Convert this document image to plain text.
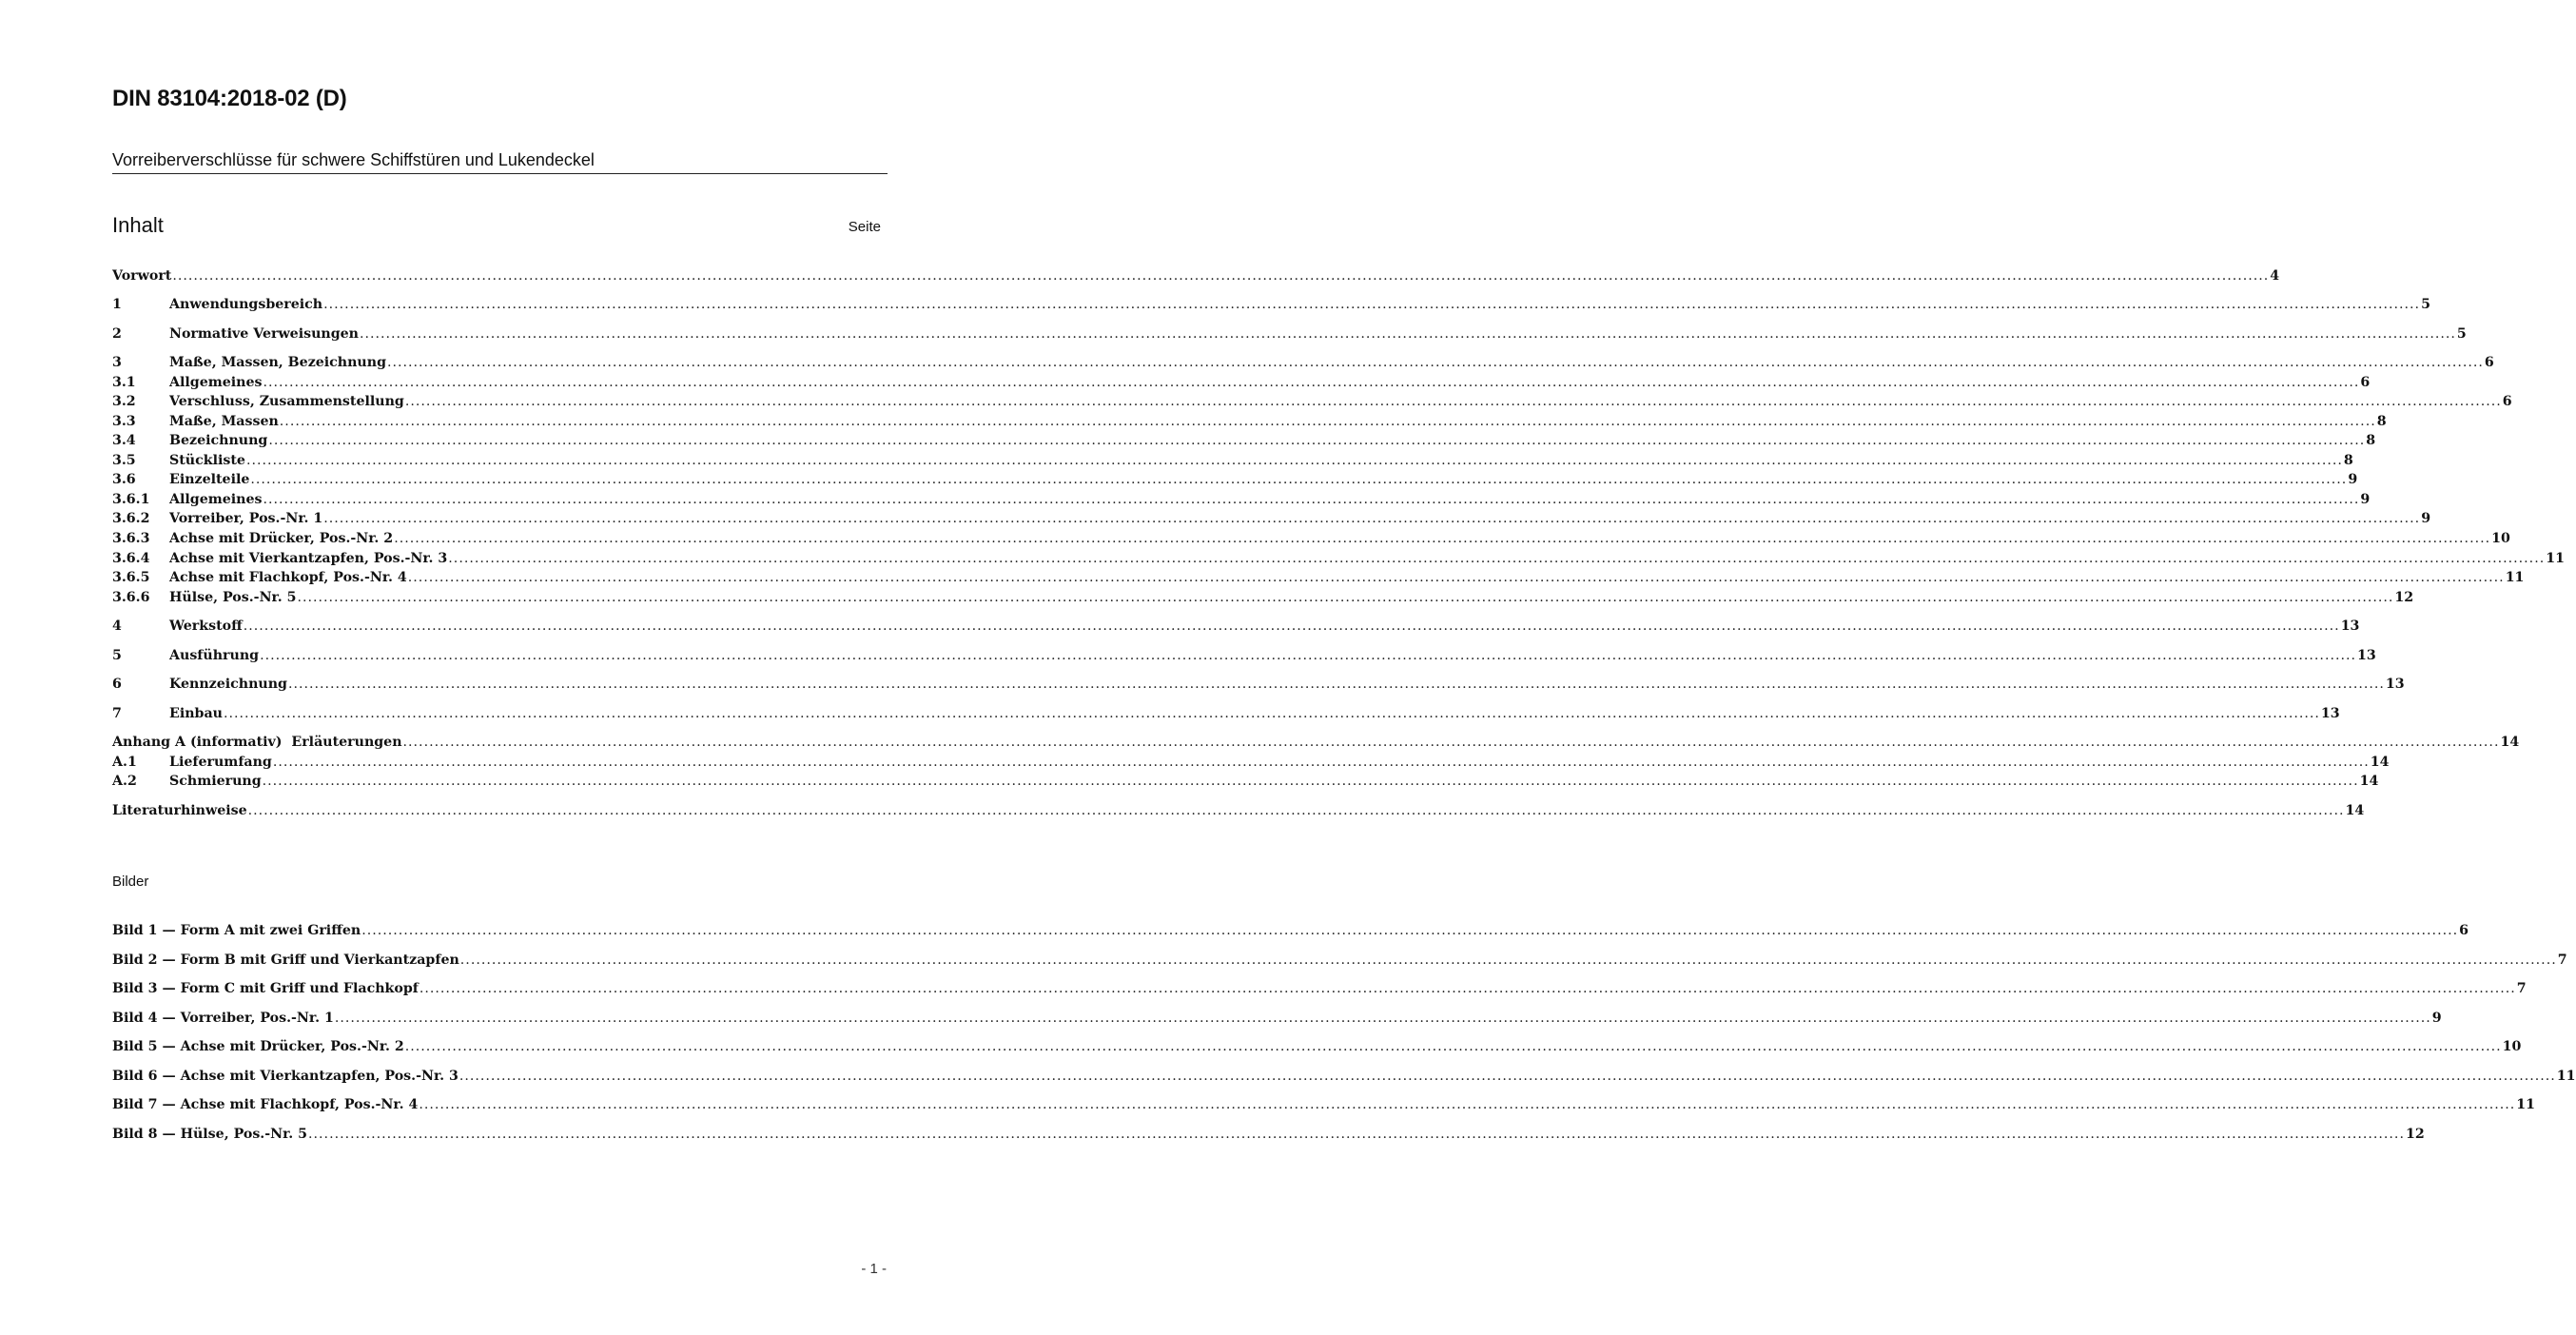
DIN 83104:2018-02 (D)
Vorreiberverschlüsse für schwere Schiffstüren und Lukendeckel
Inhalt	Seite
Vorwort ................................................................................................................................................................................................................................................................................................................................................................................................................ 4
1	Anwendungsbereich ................................................................................................................................................................................................................................................................................................................................................................................................................ 5
2	Normative Verweisungen ................................................................................................................................................................................................................................................................................................................................................................................................................ 5
3	Maße, Massen, Bezeichnung ................................................................................................................................................................................................................................................................................................................................................................................................................ 6
3.1	Allgemeines ................................................................................................................................................................................................................................................................................................................................................................................................................ 6
3.2	Verschluss, Zusammenstellung ................................................................................................................................................................................................................................................................................................................................................................................................................ 6
3.3	Maße, Massen ................................................................................................................................................................................................................................................................................................................................................................................................................ 8
3.4	Bezeichnung ................................................................................................................................................................................................................................................................................................................................................................................................................ 8
3.5	Stückliste ................................................................................................................................................................................................................................................................................................................................................................................................................ 8
3.6	Einzelteile ................................................................................................................................................................................................................................................................................................................................................................................................................ 9
3.6.1	Allgemeines ................................................................................................................................................................................................................................................................................................................................................................................................................ 9
3.6.2	Vorreiber, Pos.-Nr. 1 ................................................................................................................................................................................................................................................................................................................................................................................................................ 9
3.6.3	Achse mit Drücker, Pos.-Nr. 2 ................................................................................................................................................................................................................................................................................................................................................................................................................ 10
3.6.4	Achse mit Vierkantzapfen, Pos.-Nr. 3 ................................................................................................................................................................................................................................................................................................................................................................................................................ 11
3.6.5	Achse mit Flachkopf, Pos.-Nr. 4 ................................................................................................................................................................................................................................................................................................................................................................................................................ 11
3.6.6	Hülse, Pos.-Nr. 5 ................................................................................................................................................................................................................................................................................................................................................................................................................ 12
4	Werkstoff ................................................................................................................................................................................................................................................................................................................................................................................................................ 13
5	Ausführung ................................................................................................................................................................................................................................................................................................................................................................................................................ 13
6	Kennzeichnung ................................................................................................................................................................................................................................................................................................................................................................................................................ 13
7	Einbau ................................................................................................................................................................................................................................................................................................................................................................................................................ 13
Anhang A (informativ)  Erläuterungen ................................................................................................................................................................................................................................................................................................................................................................................................................ 14
A.1	Lieferumfang ................................................................................................................................................................................................................................................................................................................................................................................................................ 14
A.2	Schmierung ................................................................................................................................................................................................................................................................................................................................................................................................................ 14
Literaturhinweise ................................................................................................................................................................................................................................................................................................................................................................................................................ 14
Bilder
Bild 1 — Form A mit zwei Griffen ................................................................................................................................................................................................................................................................................................................................................................................................................ 6
Bild 2 — Form B mit Griff und Vierkantzapfen ................................................................................................................................................................................................................................................................................................................................................................................................................ 7
Bild 3 — Form C mit Griff und Flachkopf ................................................................................................................................................................................................................................................................................................................................................................................................................ 7
Bild 4 — Vorreiber, Pos.-Nr. 1 ................................................................................................................................................................................................................................................................................................................................................................................................................ 9
Bild 5 — Achse mit Drücker, Pos.-Nr. 2 ................................................................................................................................................................................................................................................................................................................................................................................................................ 10
Bild 6 — Achse mit Vierkantzapfen, Pos.-Nr. 3 ................................................................................................................................................................................................................................................................................................................................................................................................................ 11
Bild 7 — Achse mit Flachkopf, Pos.-Nr. 4 ................................................................................................................................................................................................................................................................................................................................................................................................................ 11
Bild 8 — Hülse, Pos.-Nr. 5 ................................................................................................................................................................................................................................................................................................................................................................................................................ 12
- 1 -
